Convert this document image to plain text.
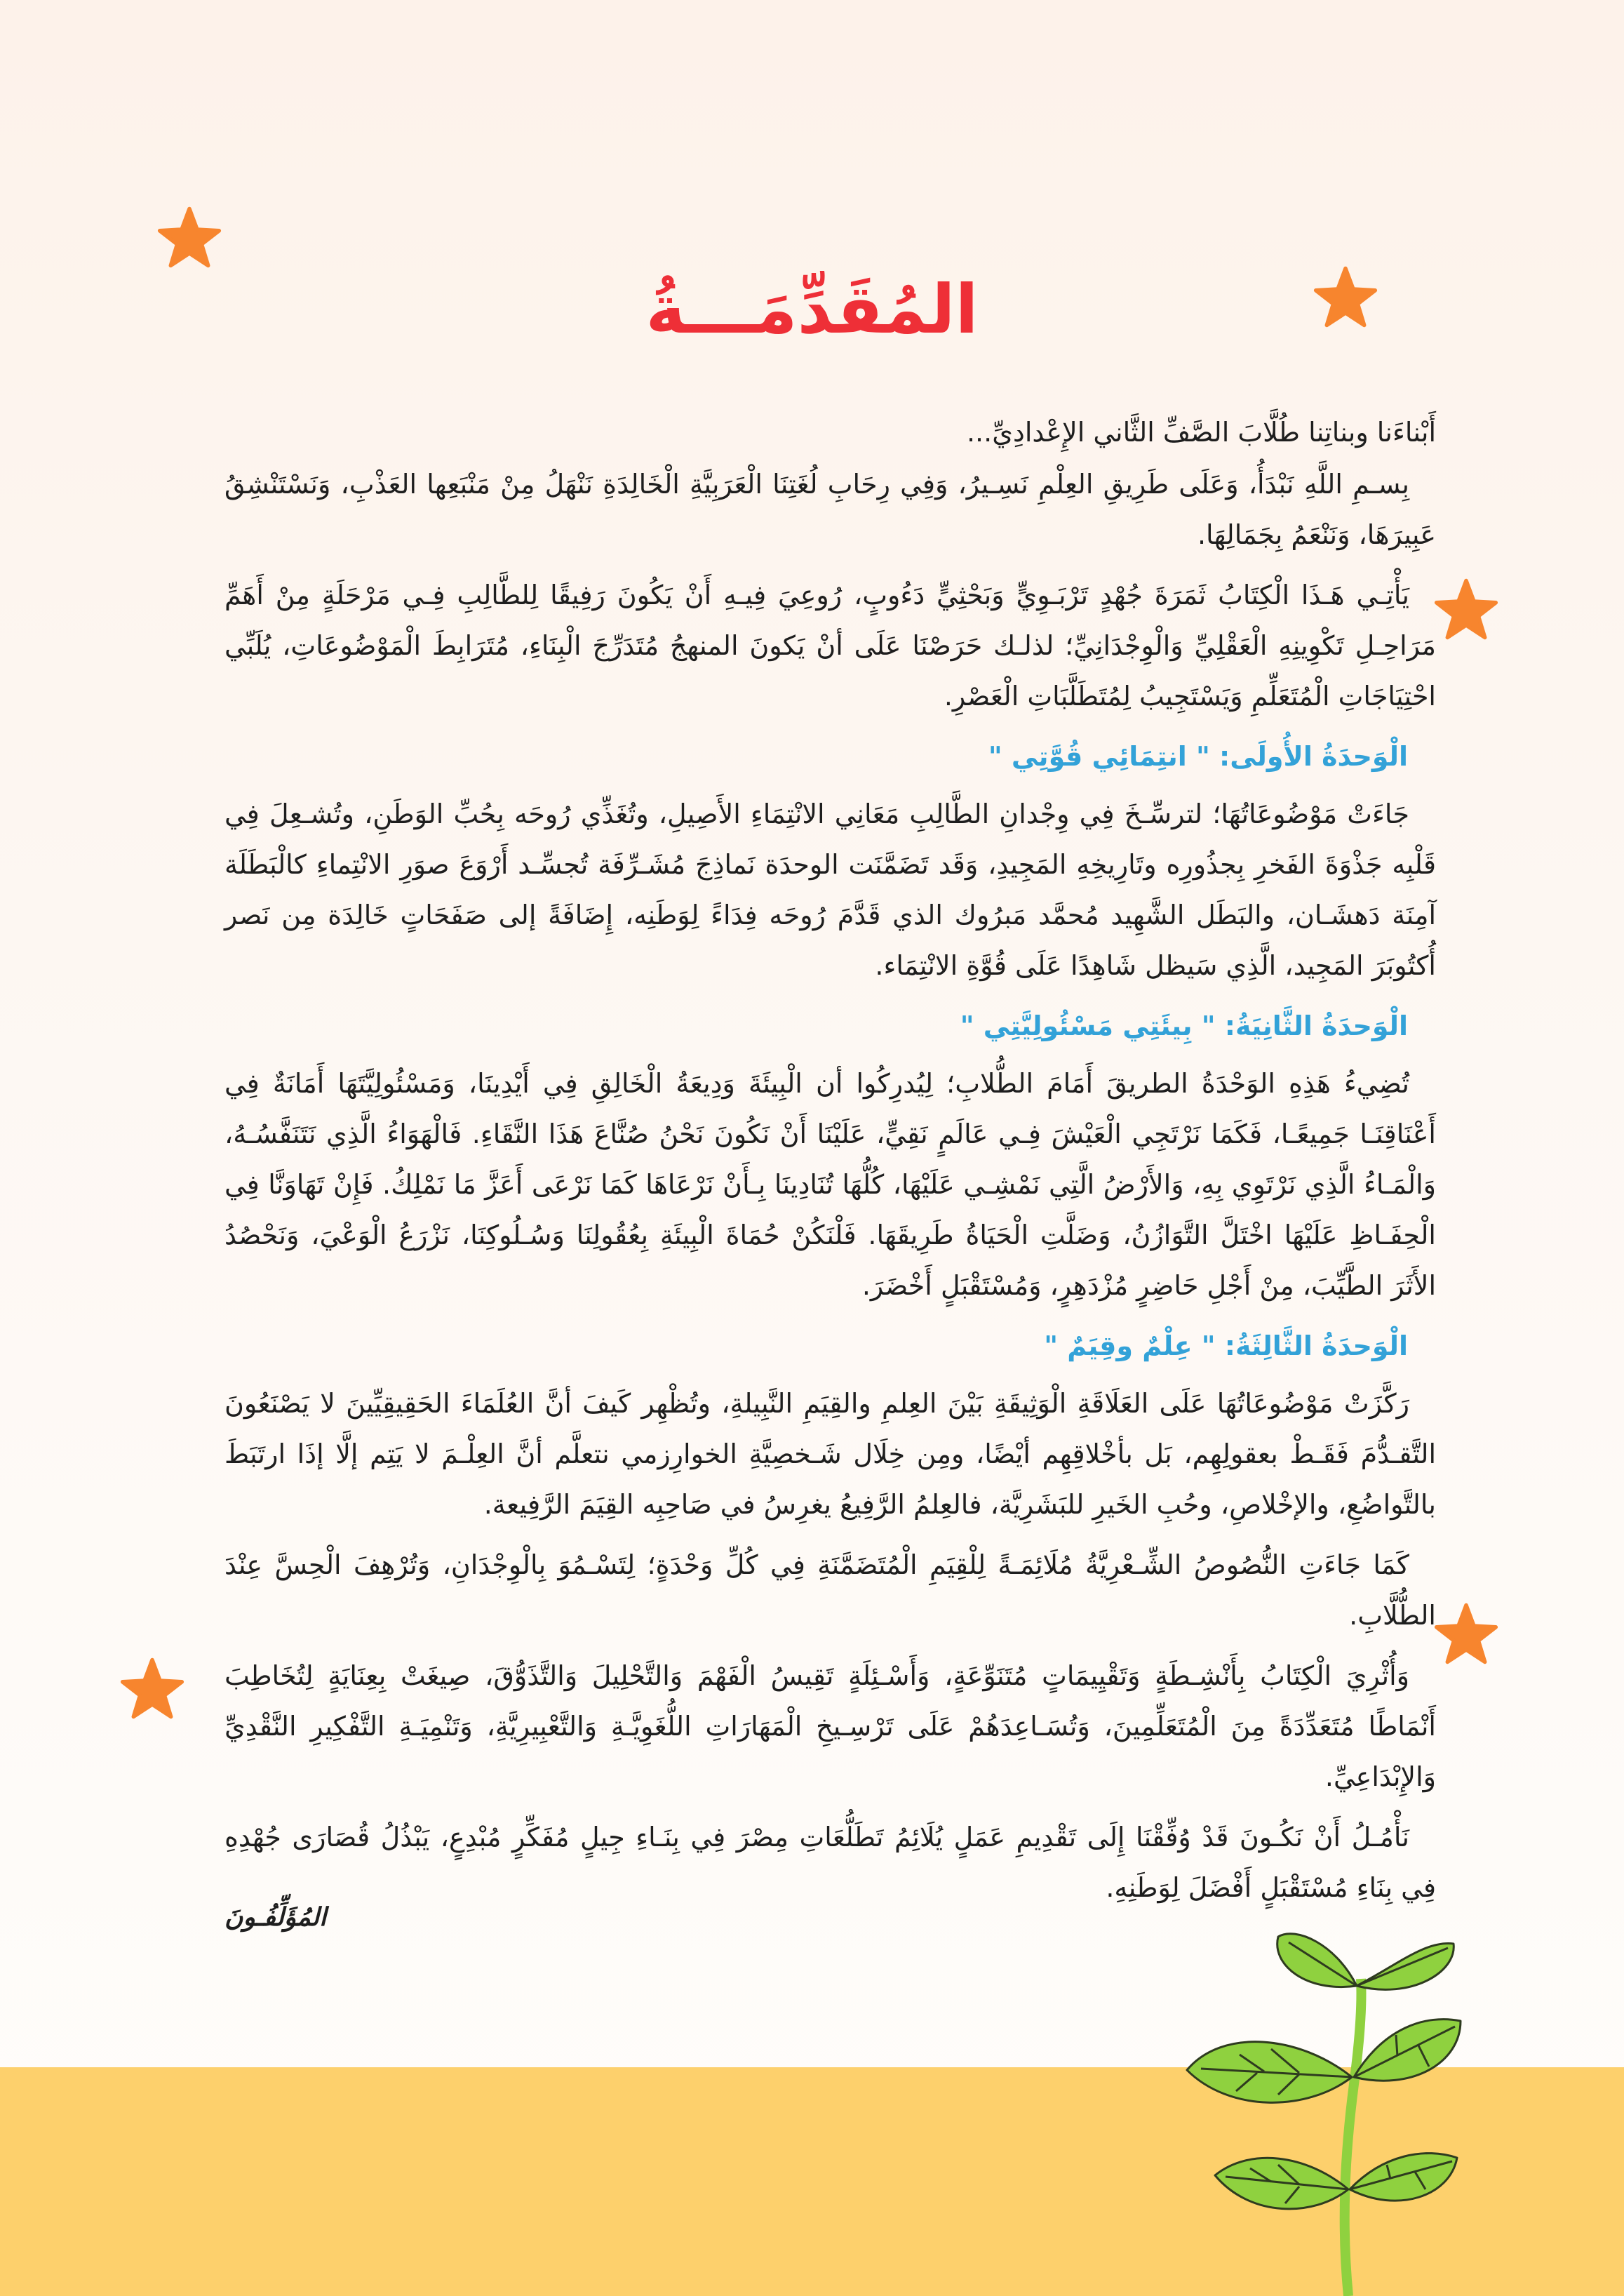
المُقَدِّمَـــةُ

أَبْناءَنا وبناتِنا طُلَّابَ الصَّفِّ الثَّاني الإِعْدادِيِّ...

بِسـمِ اللَّهِ نَبْدَأُ، وَعَلَى طَرِيقِ العِلْمِ نَسِـيرُ، وَفِي رِحَابِ لُغَتِنَا الْعَرَبِيَّةِ الْخَالِدَةِ نَنْهَلُ مِنْ مَنْبَعِها العَذْبِ، وَنَسْتَنْشِقُ عَبِيرَهَا، وَنَنْعَمُ بِجَمَالِهَا.

يَأْتِـي هَـذَا الْكِتَابُ ثَمَرَةَ جُهْدٍ تَرْبَـوِيٍّ وَبَحْثِيٍّ دَءُوبٍ، رُوعِيَ فِيـهِ أَنْ يَكُونَ رَفِيقًا لِلطَّالِبِ فِـي مَرْحَلَةٍ مِنْ أَهَمِّ مَرَاحِـلِ تَكْوِينِهِ الْعَقْلِيِّ وَالْوِجْدَانِيِّ؛ لذلـك حَرَصْنَا عَلَى أنْ يَكونَ المنهجُ مُتَدَرِّجَ الْبِنَاءِ، مُتَرَابِطَ الْمَوْضُوعَاتِ، يُلَبِّي احْتِيَاجَاتِ الْمُتَعَلِّمِ وَيَسْتَجِيبُ لِمُتَطَلَّبَاتِ الْعَصْرِ.

الْوَحدَةُ الأُولَى: " انتِمَائِي قُوَّتِي "

جَاءَتْ مَوْضُوعَاتُهَا؛ لترسِّـخَ فِي وِجْدانِ الطَّالِبِ مَعَانِي الانْتِمَاءِ الأَصِيلِ، وتُغَذِّي رُوحَه بِحُبِّ الوَطَنِ، وتُشـعِلَ فِي قَلْبِه جَذْوَةَ الفَخرِ بِجذُورِه وتَارِيخِهِ المَجِيدِ، وَقَد تَضَمَّنَت الوحدَة نَماذِجَ مُشَـرِّفَة تُجسِّـد أَرْوَعَ صوَرِ الانْتِماءِ كالْبَطَلَة آمِنَة دَهشَـان، والبَطَل الشَّهِيد مُحمَّد مَبرُوك الذي قَدَّمَ رُوحَه فِدَاءً لِوَطَنِه، إِضَافَةً إلى صَفَحَاتٍ خَالِدَة مِن نَصر أُكتُوبَرَ المَجِيد، الَّذِي سَيظل شَاهِدًا عَلَى قُوَّةِ الانْتِمَاء.

الْوَحدَةُ الثَّانِيَةُ: " بِيئَتِي مَسْئُولِيَّتِي "

تُضِيءُ هَذِهِ الوَحْدَةُ الطريقَ أَمَامَ الطُّلابِ؛ لِيُدرِكُوا أن الْبِيئَةَ وَدِيعَةُ الْخَالِقِ فِي أَيْدِينَا، وَمَسْئُولِيَّتَهَا أَمَانَةٌ فِي أَعْنَاقِنَـا جَمِيعًـا، فَكَمَا نَرْتَجِي الْعَيْشَ فِـي عَالَمٍ نَقِيٍّ، عَلَيْنَا أَنْ نَكُونَ نَحْنُ صُنَّاعَ هَذَا النَّقَاءِ. فَالْهَوَاءُ الَّذِي نَتَنَفَّسُـهُ، وَالْمَـاءُ الَّذِي نَرْتَوِي بِهِ، وَالأَرْضُ الَّتِي نَمْشِـي عَلَيْهَا، كُلُّهَا تُنَادِينَا بِـأَنْ نَرْعَاهَا كَمَا نَرْعَى أَعَزَّ مَا نَمْلِكُ. فَإِنْ تَهَاوَنَّا فِي الْحِفَـاظِ عَلَيْهَا اخْتَلَّ التَّوَازُنُ، وَضَلَّتِ الْحَيَاةُ طَرِيقَهَا. فَلْنَكُنْ حُمَاةَ الْبِيئَةِ بِعُقُولِنَا وَسُـلُوكِنَا، نَزْرَعُ الْوَعْيَ، وَنَحْصُدُ الأَثَرَ الطَّيِّبَ، مِنْ أَجْلِ حَاضِرٍ مُزْدَهِرٍ، وَمُسْتَقْبَلٍ أَخْضَرَ.

الْوَحدَةُ الثَّالِثَةُ: " عِلْمٌ وقِيَمٌ "

رَكَّزَتْ مَوْضُوعَاتُهَا عَلَى العَلَاقَةِ الْوَثِيقَةِ بَيْنَ العِلمِ والقِيَمِ النَّبِيلةِ، وتُظْهِر كَيفَ أنَّ العُلَمَاءَ الحَقِيقِيِّينَ لا يَصْنَعُونَ التَّقـدُّمَ فَقَـطْ بعقولِهِم، بَل بأخْلاقِهِم أيْضًا، ومِن خِلَال شَـخصِيَّةِ الخوارِزمي نتعلَّم أنَّ العِلْـمَ لا يَتِم إلَّا إذَا ارتَبَطَ بالتَّواضُعِ، والإخْلاصِ، وحُبِ الخَيرِ للبَشَرِيَّة، فالعِلمُ الرَّفِيعُ يغرِسُ في صَاحِبِه القِيَمَ الرَّفِيعة.

كَمَا جَاءَتِ النُّصُوصُ الشِّـعْرِيَّةُ مُلَائِمَـةً لِلْقِيَمِ الْمُتَضَمَّنَةِ فِي كُلِّ وَحْدَةٍ؛ لِتَسْـمُوَ بِالْوِجْدَانِ، وَتُرْهِفَ الْحِسَّ عِنْدَ الطُّلَّابِ.

وَأُثْرِيَ الْكِتَابُ بِأَنْشِـطَةٍ وَتَقْيِيمَاتٍ مُتَنَوِّعَةٍ، وَأَسْـئِلَةٍ تَقِيسُ الْفَهْمَ وَالتَّحْلِيلَ وَالتَّذَوُّقَ، صِيغَتْ بِعِنَايَةٍ لِتُخَاطِبَ أَنْمَاطًا مُتَعَدِّدَةً مِنَ الْمُتَعَلِّمِينَ، وَتُسَـاعِدَهُمْ عَلَى تَرْسِـيخِ الْمَهَارَاتِ اللُّغَوِيَّـةِ وَالتَّعْبِيرِيَّةِ، وَتَنْمِيَـةِ التَّفْكِيرِ النَّقْدِيِّ وَالإِبْدَاعِيِّ.

نَأْمُـلُ أَنْ نَكُـونَ قَدْ وُفِّقْنَا إِلَى تَقْدِيمِ عَمَلٍ يُلَائِمُ تَطَلُّعَاتِ مِصْرَ فِي بِنَـاءِ جِيلٍ مُفَكِّرٍ مُبْدِعٍ، يَبْذُلُ قُصَارَى جُهْدِهِ فِي بِنَاءِ مُسْتَقْبَلٍ أَفْضَلَ لِوَطَنِهِ.

المُؤَلِّفُـونَ
